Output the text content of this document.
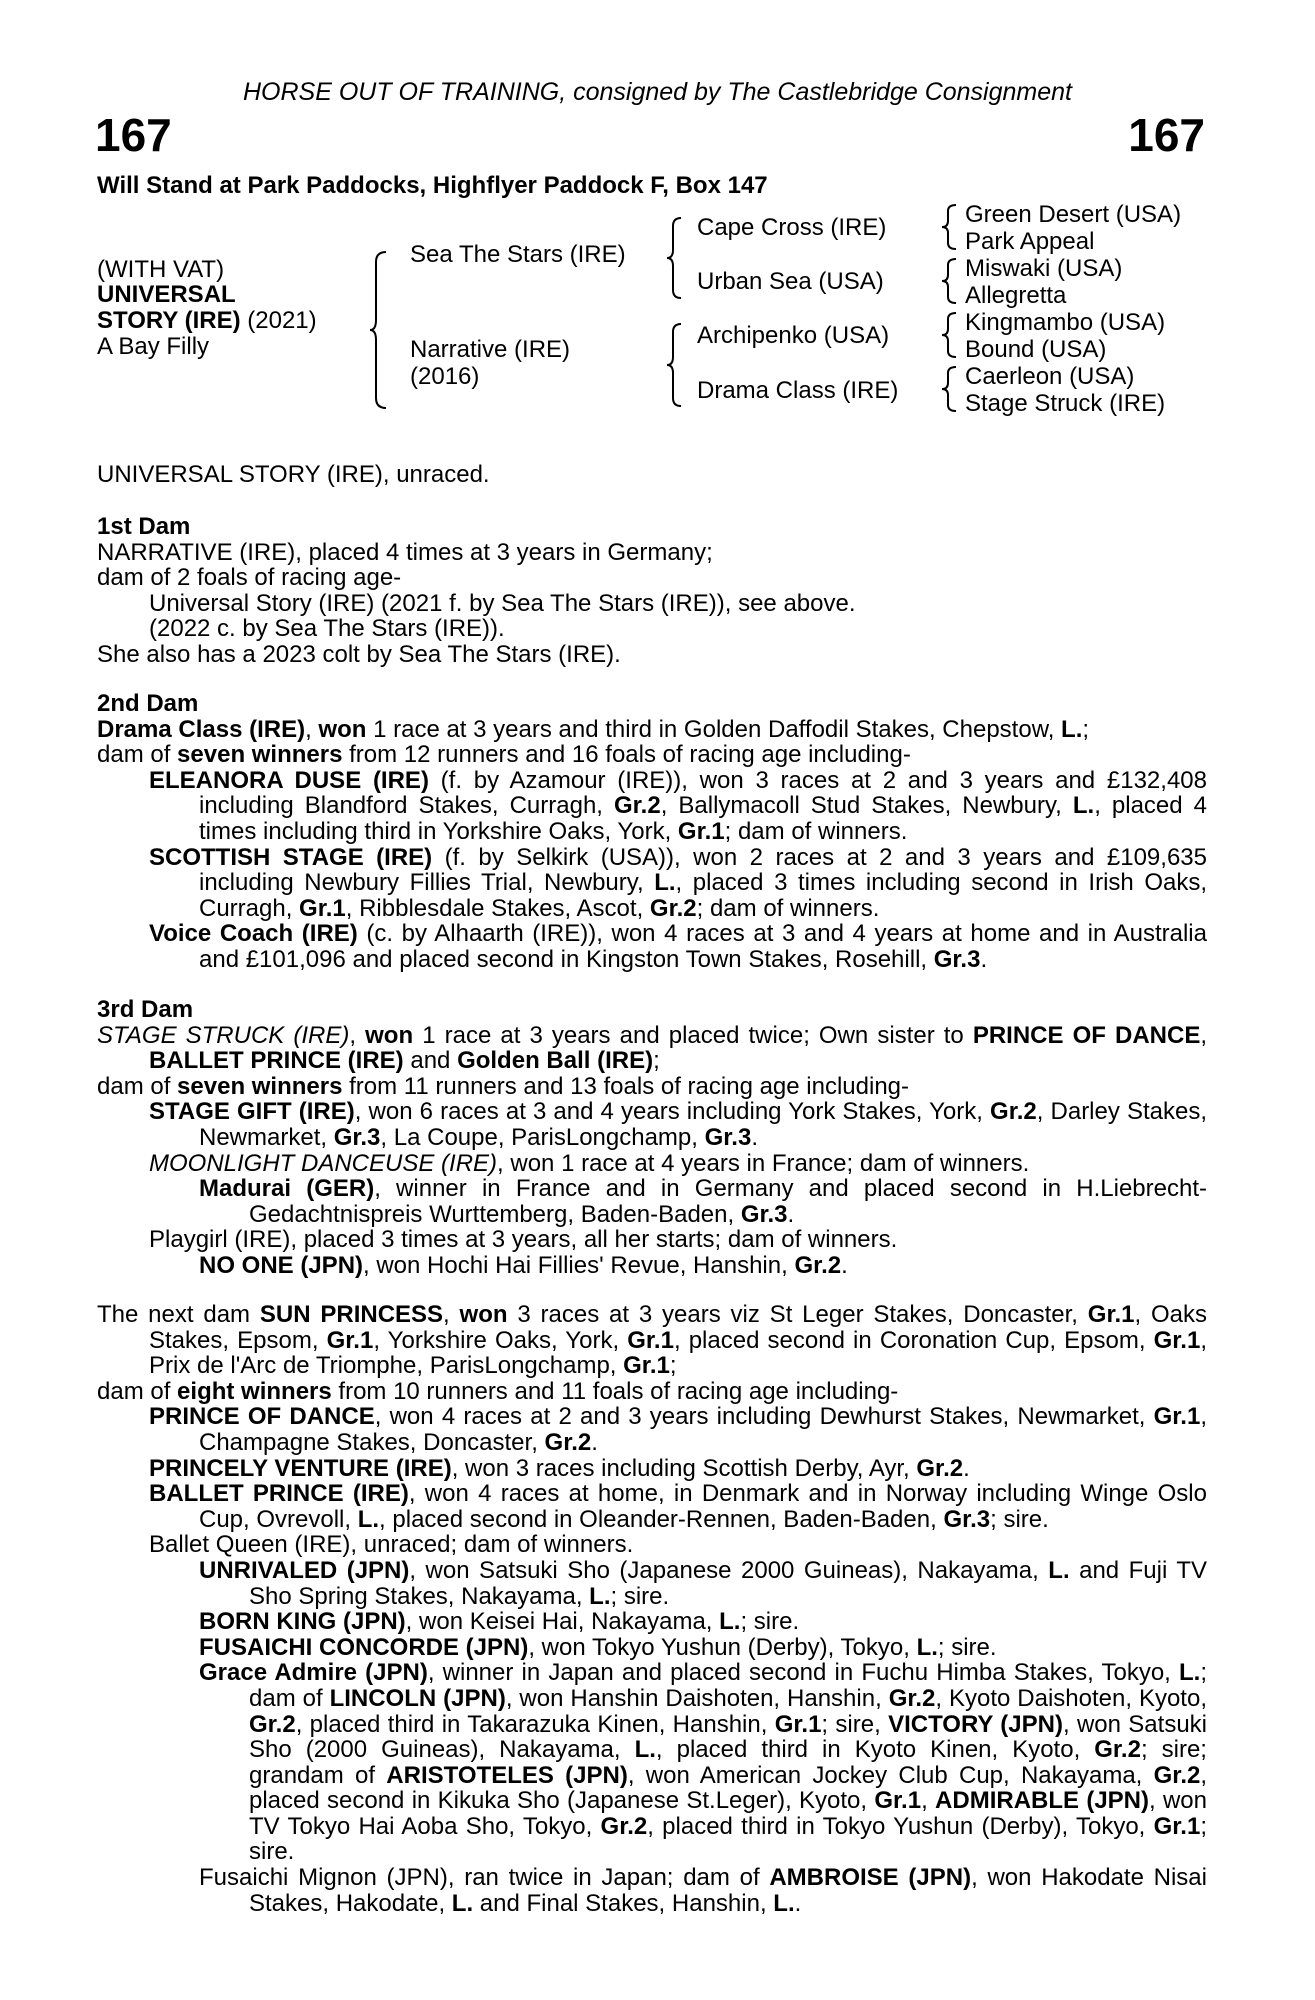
HORSE OUT OF TRAINING, consigned by The Castlebridge Consignment
167	167
Will Stand at Park Paddocks, Highflyer Paddock F, Box 147
(WITH VAT)
UNIVERSAL
STORY (IRE) (2021)
A Bay Filly
Sea The Stars (IRE)
Narrative (IRE)
(2016)
Cape Cross (IRE)
Urban Sea (USA)
Archipenko (USA)
Drama Class (IRE)
Green Desert (USA)
Park Appeal
Miswaki (USA)
Allegretta
Kingmambo (USA)
Bound (USA)
Caerleon (USA)
Stage Struck (IRE)

UNIVERSAL STORY (IRE), unraced.

1st Dam

NARRATIVE (IRE), placed 4 times at 3 years in Germany;

dam of 2 foals of racing age-

Universal Story (IRE) (2021 f. by Sea The Stars (IRE)), see above.

(2022 c. by Sea The Stars (IRE)).

She also has a 2023 colt by Sea The Stars (IRE).

2nd Dam

Drama Class (IRE), won 1 race at 3 years and third in Golden Daffodil Stakes, Chepstow, L.;

dam of seven winners from 12 runners and 16 foals of racing age including-

ELEANORA DUSE (IRE) (f. by Azamour (IRE)), won 3 races at 2 and 3 years and £132,408 including Blandford Stakes, Curragh, Gr.2, Ballymacoll Stud Stakes, Newbury, L., placed 4 times including third in Yorkshire Oaks, York, Gr.1; dam of winners.

SCOTTISH STAGE (IRE) (f. by Selkirk (USA)), won 2 races at 2 and 3 years and £109,635 including Newbury Fillies Trial, Newbury, L., placed 3 times including second in Irish Oaks, Curragh, Gr.1, Ribblesdale Stakes, Ascot, Gr.2; dam of winners.

Voice Coach (IRE) (c. by Alhaarth (IRE)), won 4 races at 3 and 4 years at home and in Australia and £101,096 and placed second in Kingston Town Stakes, Rosehill, Gr.3.

3rd Dam

STAGE STRUCK (IRE), won 1 race at 3 years and placed twice; Own sister to PRINCE OF DANCE, BALLET PRINCE (IRE) and Golden Ball (IRE);

dam of seven winners from 11 runners and 13 foals of racing age including-

STAGE GIFT (IRE), won 6 races at 3 and 4 years including York Stakes, York, Gr.2, Darley Stakes, Newmarket, Gr.3, La Coupe, ParisLongchamp, Gr.3.

MOONLIGHT DANCEUSE (IRE), won 1 race at 4 years in France; dam of winners.

Madurai (GER), winner in France and in Germany and placed second in H.Liebrecht-Gedachtnispreis Wurttemberg, Baden-Baden, Gr.3.

Playgirl (IRE), placed 3 times at 3 years, all her starts; dam of winners.

NO ONE (JPN), won Hochi Hai Fillies' Revue, Hanshin, Gr.2.

The next dam SUN PRINCESS, won 3 races at 3 years viz St Leger Stakes, Doncaster, Gr.1, Oaks Stakes, Epsom, Gr.1, Yorkshire Oaks, York, Gr.1, placed second in Coronation Cup, Epsom, Gr.1, Prix de l'Arc de Triomphe, ParisLongchamp, Gr.1;

dam of eight winners from 10 runners and 11 foals of racing age including-

PRINCE OF DANCE, won 4 races at 2 and 3 years including Dewhurst Stakes, Newmarket, Gr.1, Champagne Stakes, Doncaster, Gr.2.

PRINCELY VENTURE (IRE), won 3 races including Scottish Derby, Ayr, Gr.2.

BALLET PRINCE (IRE), won 4 races at home, in Denmark and in Norway including Winge Oslo Cup, Ovrevoll, L., placed second in Oleander-Rennen, Baden-Baden, Gr.3; sire.

Ballet Queen (IRE), unraced; dam of winners.

UNRIVALED (JPN), won Satsuki Sho (Japanese 2000 Guineas), Nakayama, L. and Fuji TV Sho Spring Stakes, Nakayama, L.; sire.

BORN KING (JPN), won Keisei Hai, Nakayama, L.; sire.

FUSAICHI CONCORDE (JPN), won Tokyo Yushun (Derby), Tokyo, L.; sire.

Grace Admire (JPN), winner in Japan and placed second in Fuchu Himba Stakes, Tokyo, L.; dam of LINCOLN (JPN), won Hanshin Daishoten, Hanshin, Gr.2, Kyoto Daishoten, Kyoto, Gr.2, placed third in Takarazuka Kinen, Hanshin, Gr.1; sire, VICTORY (JPN), won Satsuki Sho (2000 Guineas), Nakayama, L., placed third in Kyoto Kinen, Kyoto, Gr.2; sire; grandam of ARISTOTELES (JPN), won American Jockey Club Cup, Nakayama, Gr.2, placed second in Kikuka Sho (Japanese St.Leger), Kyoto, Gr.1, ADMIRABLE (JPN), won TV Tokyo Hai Aoba Sho, Tokyo, Gr.2, placed third in Tokyo Yushun (Derby), Tokyo, Gr.1; sire.

Fusaichi Mignon (JPN), ran twice in Japan; dam of AMBROISE (JPN), won Hakodate Nisai Stakes, Hakodate, L. and Final Stakes, Hanshin, L..
